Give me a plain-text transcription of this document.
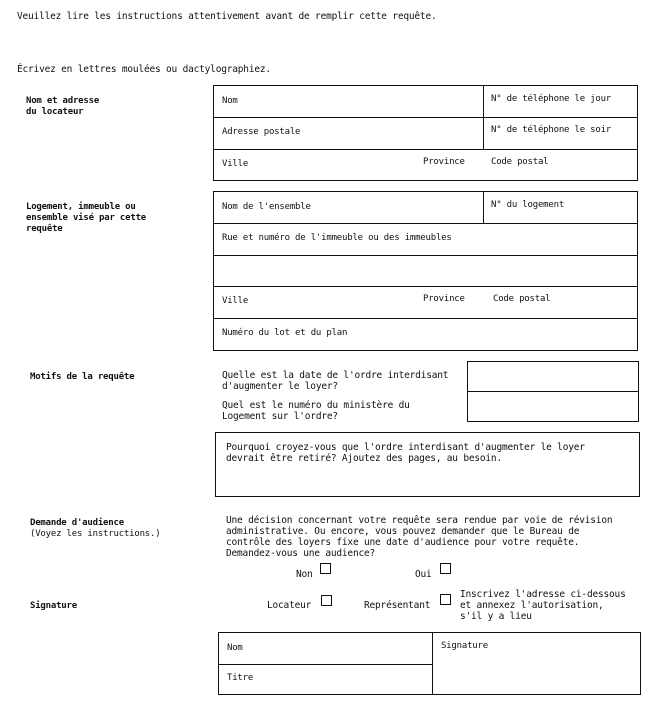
Veuillez lire les instructions attentivement avant de remplir cette requête.
Écrivez en lettres moulées ou dactylographiez.
Nom et adresse
du locateur
Nom	N° de téléphone le jour
Adresse postale	N° de téléphone le soir
Ville	Province	Code postal
Logement, immeuble ou
ensemble visé par cette
requête
Nom de l'ensemble	N° du logement
Rue et numéro de l'immeuble ou des immeubles
Ville	Province	Code postal
Numéro du lot et du plan
Motifs de la requête	Quelle est la date de l'ordre interdisant
d'augmenter le loyer?
Quel est le numéro du ministère du
Logement sur l'ordre?
Pourquoi croyez-vous que l'ordre interdisant d'augmenter le loyer
devrait être retiré? Ajoutez des pages, au besoin.
Demande d'audience
(Voyez les instructions.)
Une décision concernant votre requête sera rendue par voie de révision
administrative. Ou encore, vous pouvez demander que le Bureau de
contrôle des loyers fixe une date d'audience pour votre requête.
Demandez-vous une audience?
Non	Oui
Signature	Locateur	Représentant
Inscrivez l'adresse ci-dessous
et annexez l'autorisation,
s'il y a lieu
Nom
Titre
Signature
